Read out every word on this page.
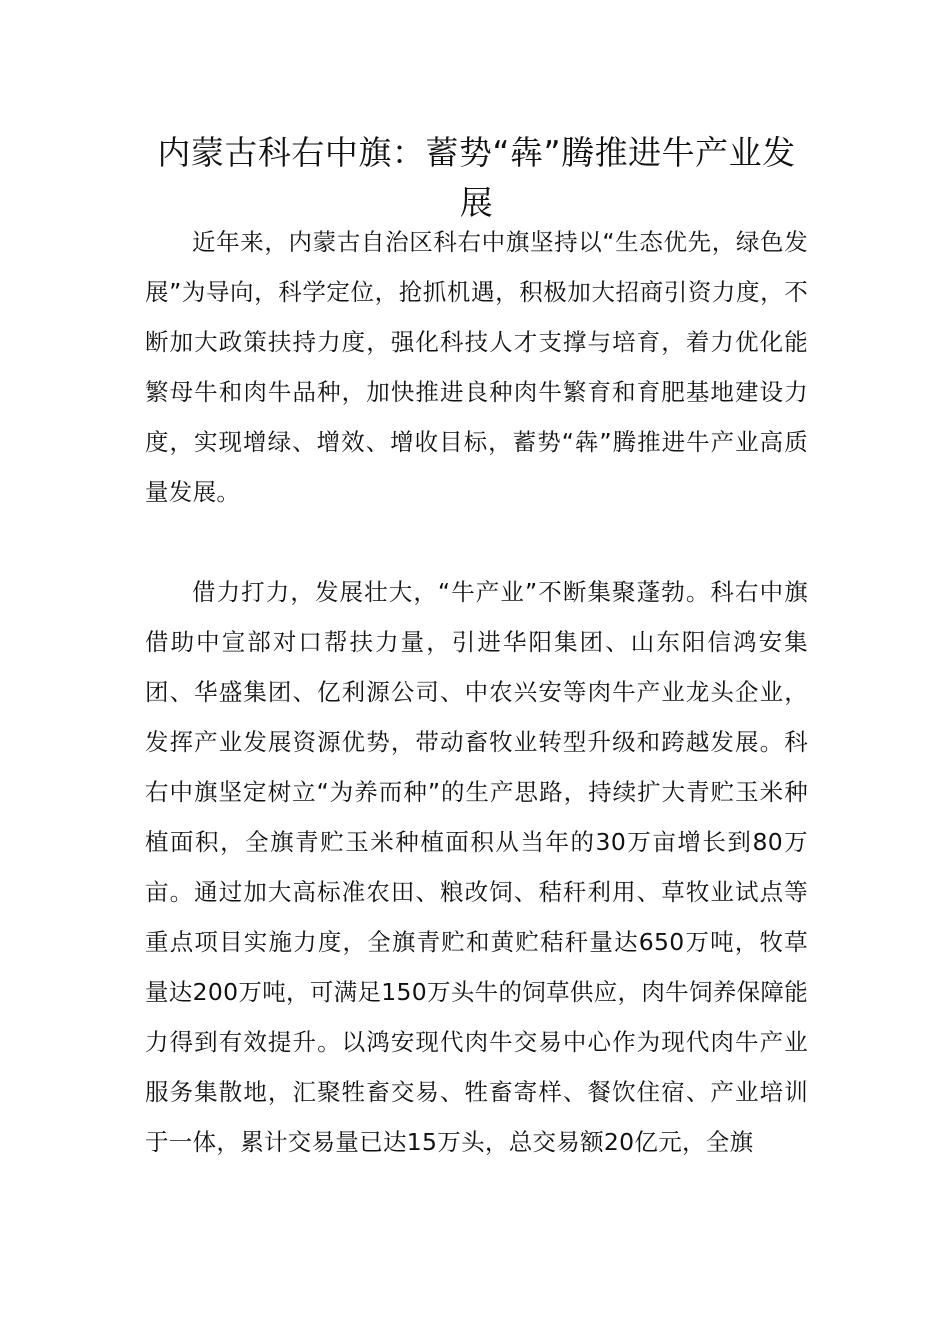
内蒙古科右中旗：蓄势“犇”腾推进牛产业发展

近年来，内蒙古自治区科右中旗坚持以“生态优先，绿色发展”为导向，科学定位，抢抓机遇，积极加大招商引资力度，不断加大政策扶持力度，强化科技人才支撑与培育，着力优化能繁母牛和肉牛品种，加快推进良种肉牛繁育和育肥基地建设力度，实现增绿、增效、增收目标，蓄势“犇”腾推进牛产业高质量发展。

借力打力，发展壮大，“牛产业”不断集聚蓬勃。科右中旗借助中宣部对口帮扶力量，引进华阳集团、山东阳信鸿安集团、华盛集团、亿利源公司、中农兴安等肉牛产业龙头企业，发挥产业发展资源优势，带动畜牧业转型升级和跨越发展。科右中旗坚定树立“为养而种”的生产思路，持续扩大青贮玉米种植面积，全旗青贮玉米种植面积从当年的30万亩增长到80万亩。通过加大高标准农田、粮改饲、秸秆利用、草牧业试点等重点项目实施力度，全旗青贮和黄贮秸秆量达650万吨，牧草量达200万吨，可满足150万头牛的饲草供应，肉牛饲养保障能力得到有效提升。以鸿安现代肉牛交易中心作为现代肉牛产业服务集散地，汇聚牲畜交易、牲畜寄样、餐饮住宿、产业培训于一体，累计交易量已达15万头，总交易额20亿元，全旗
